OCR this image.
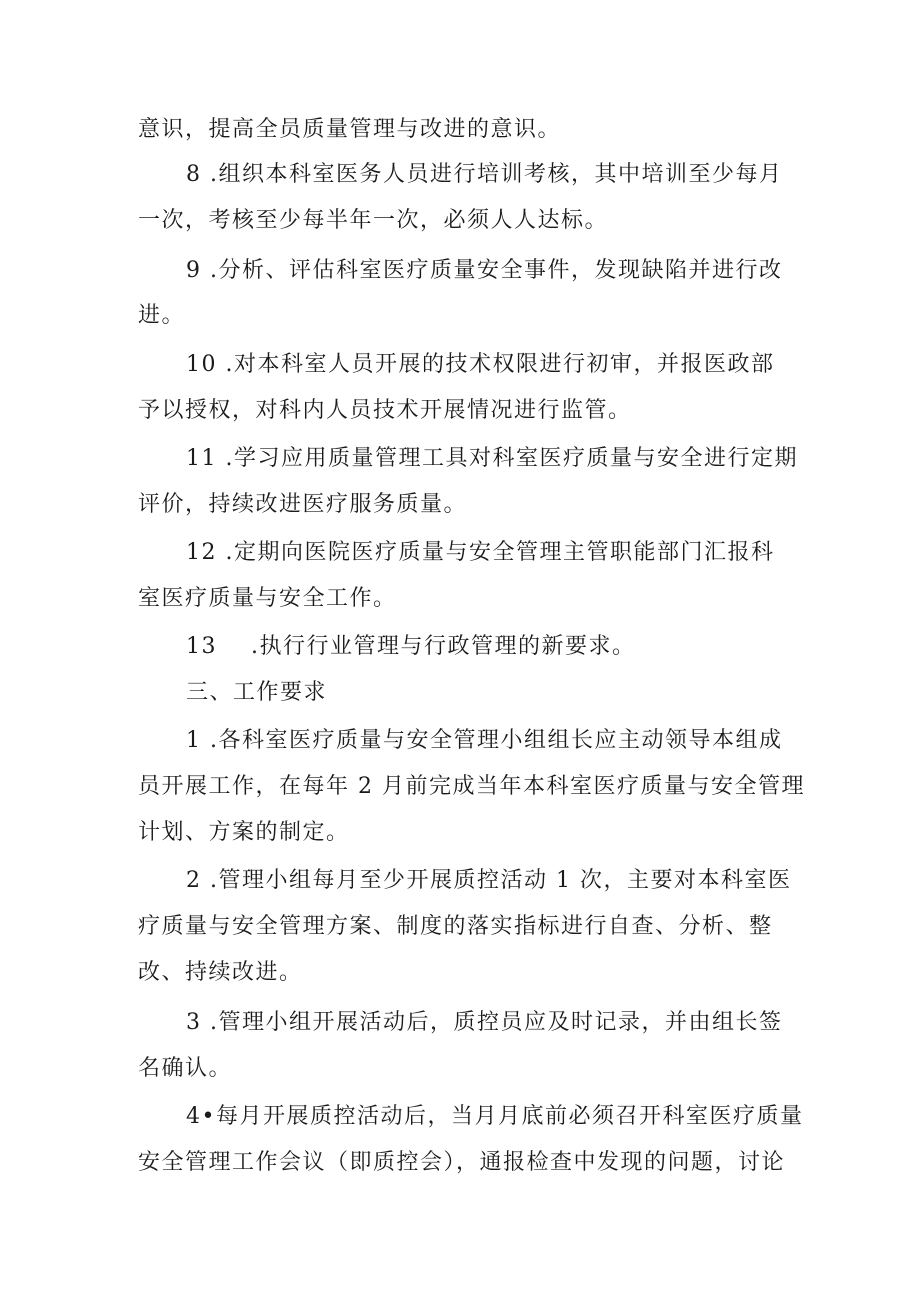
意识，提高全员质量管理与改进的意识。
8 .组织本科室医务人员进行培训考核，其中培训至少每月
一次，考核至少每半年一次，必须人人达标。
9 .分析、评估科室医疗质量安全事件，发现缺陷并进行改
进。
10 .对本科室人员开展的技术权限进行初审，并报医政部
予以授权，对科内人员技术开展情况进行监管。
11 .学习应用质量管理工具对科室医疗质量与安全进行定期
评价，持续改进医疗服务质量。
12 .定期向医院医疗质量与安全管理主管职能部门汇报科
室医疗质量与安全工作。
13    .执行行业管理与行政管理的新要求。
三、工作要求
1 .各科室医疗质量与安全管理小组组长应主动领导本组成
员开展工作，在每年 2 月前完成当年本科室医疗质量与安全管理
计划、方案的制定。
2 .管理小组每月至少开展质控活动 1 次，主要对本科室医
疗质量与安全管理方案、制度的落实指标进行自查、分析、整
改、持续改进。
3 .管理小组开展活动后，质控员应及时记录，并由组长签
名确认。
4•每月开展质控活动后，当月月底前必须召开科室医疗质量
安全管理工作会议（即质控会），通报检查中发现的问题，讨论
